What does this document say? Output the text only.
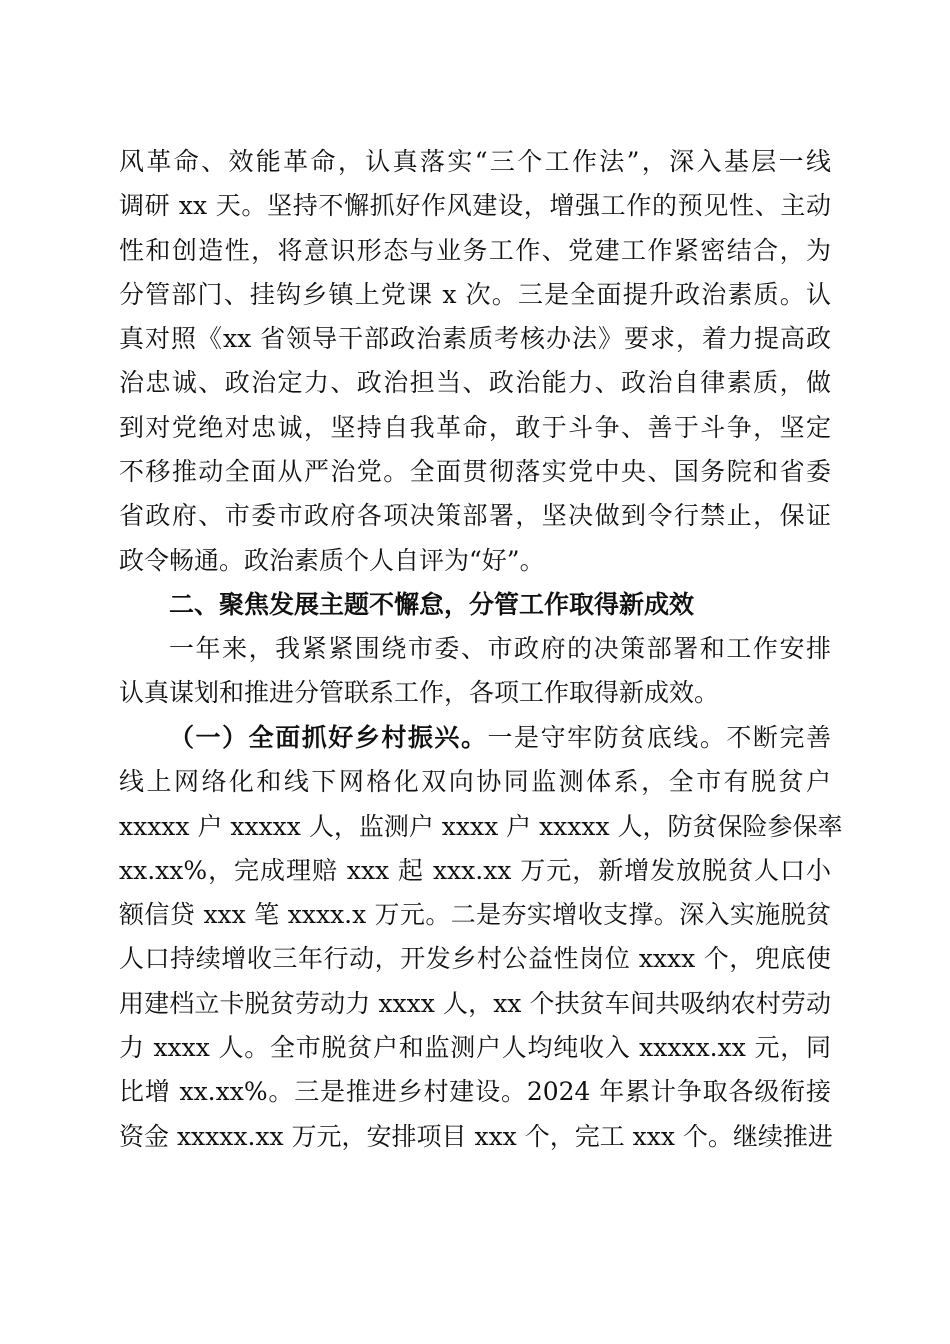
风革命、效能革命，认真落实“三个工作法”，深入基层一线
调研 xx 天。坚持不懈抓好作风建设，增强工作的预见性、主动
性和创造性，将意识形态与业务工作、党建工作紧密结合，为
分管部门、挂钩乡镇上党课 x 次。三是全面提升政治素质。认
真对照《xx 省领导干部政治素质考核办法》要求，着力提高政
治忠诚、政治定力、政治担当、政治能力、政治自律素质，做
到对党绝对忠诚，坚持自我革命，敢于斗争、善于斗争，坚定
不移推动全面从严治党。全面贯彻落实党中央、国务院和省委
省政府、市委市政府各项决策部署，坚决做到令行禁止，保证
政令畅通。政治素质个人自评为“好”。
二、聚焦发展主题不懈怠，分管工作取得新成效
一年来，我紧紧围绕市委、市政府的决策部署和工作安排
认真谋划和推进分管联系工作，各项工作取得新成效。
（一）全面抓好乡村振兴。一是守牢防贫底线。不断完善
线上网络化和线下网格化双向协同监测体系，全市有脱贫户
xxxxx 户 xxxxx 人，监测户 xxxx 户 xxxxx 人，防贫保险参保率
xx.xx%，完成理赔 xxx 起 xxx.xx 万元，新增发放脱贫人口小
额信贷 xxx 笔 xxxx.x 万元。二是夯实增收支撑。深入实施脱贫
人口持续增收三年行动，开发乡村公益性岗位 xxxx 个，兜底使
用建档立卡脱贫劳动力 xxxx 人，xx 个扶贫车间共吸纳农村劳动
力 xxxx 人。全市脱贫户和监测户人均纯收入 xxxxx.xx 元，同
比增 xx.xx%。三是推进乡村建设。2024 年累计争取各级衔接
资金 xxxxx.xx 万元，安排项目 xxx 个，完工 xxx 个。继续推进
